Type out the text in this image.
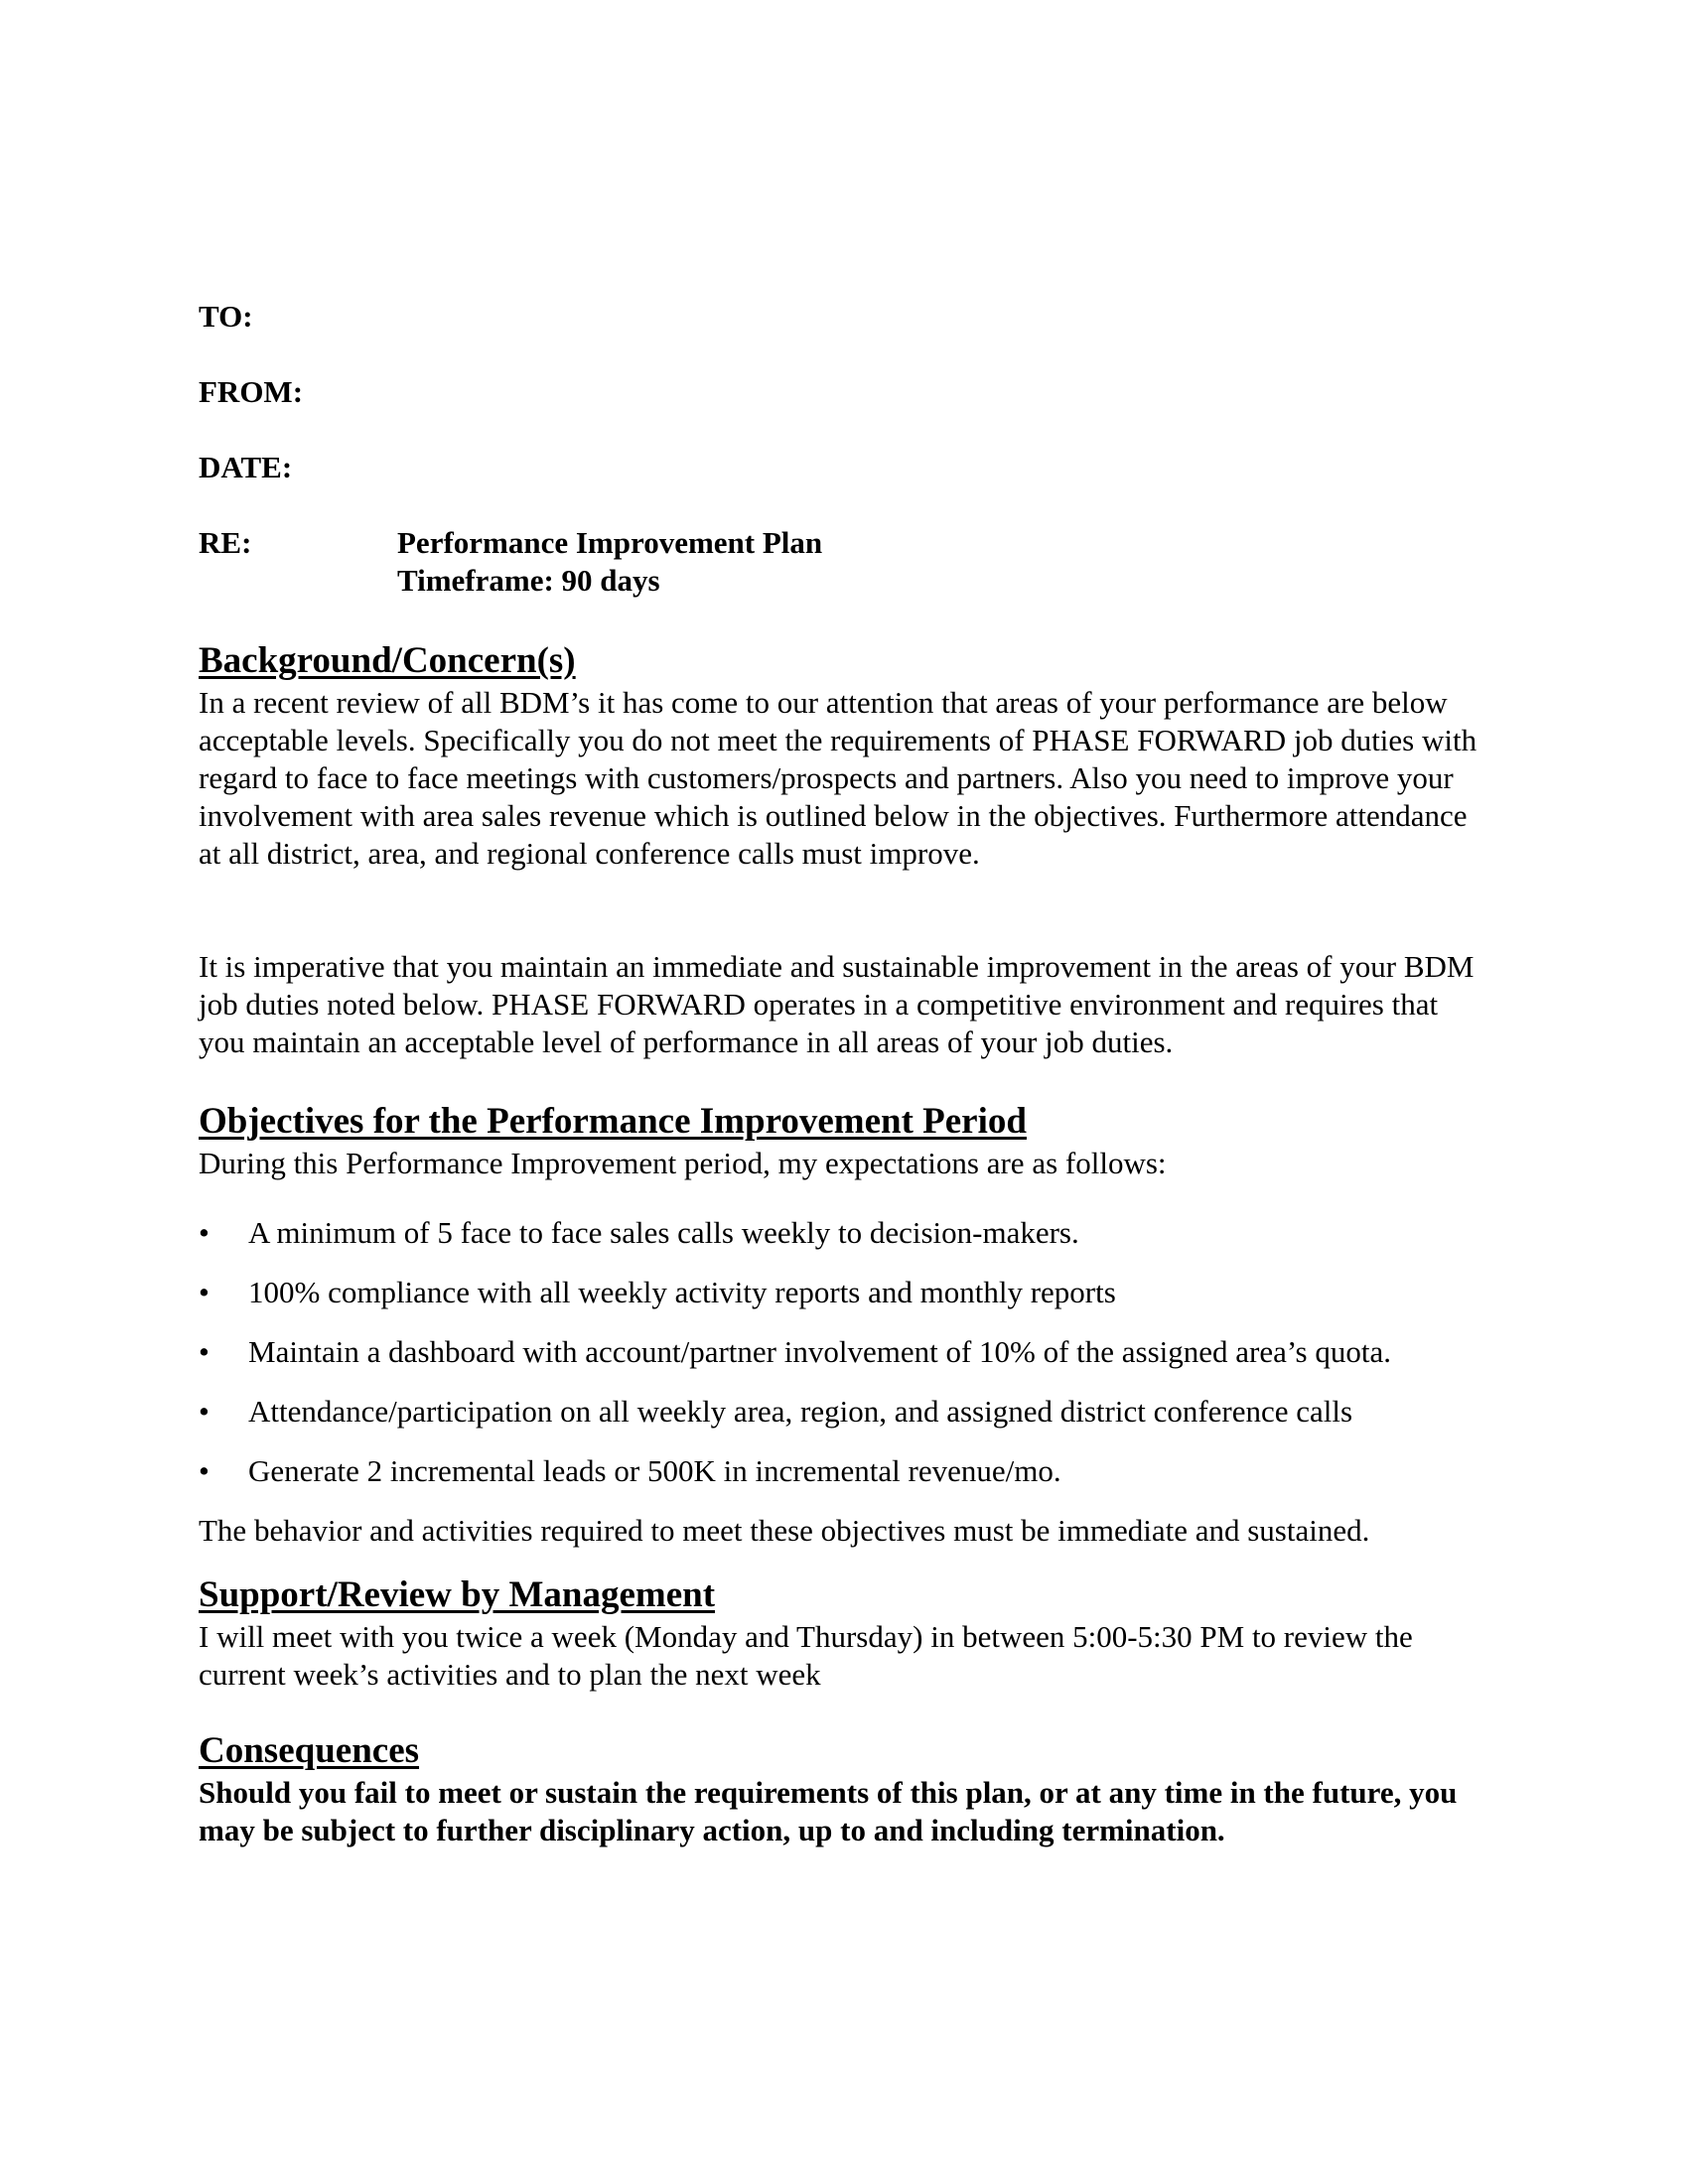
TO:
FROM:
DATE:
RE:	Performance Improvement Plan
Timeframe: 90 days
Background/Concern(s)
In a recent review of all BDM’s it has come to our attention that areas of your performance are below acceptable levels. Specifically you do not meet the requirements of PHASE FORWARD job duties with regard to face to face meetings with customers/prospects and partners. Also you need to improve your involvement with area sales revenue which is outlined below in the objectives. Furthermore attendance at all district, area, and regional conference calls must improve.
It is imperative that you maintain an immediate and sustainable improvement in the areas of your BDM job duties noted below. PHASE FORWARD operates in a competitive environment and requires that you maintain an acceptable level of performance in all areas of your job duties.
Objectives for the Performance Improvement Period
During this Performance Improvement period, my expectations are as follows:
• A minimum of 5 face to face sales calls weekly to decision-makers.
• 100% compliance with all weekly activity reports and monthly reports
• Maintain a dashboard with account/partner involvement of 10% of the assigned area’s quota.
• Attendance/participation on all weekly area, region, and assigned district conference calls
• Generate 2 incremental leads or 500K in incremental revenue/mo.
The behavior and activities required to meet these objectives must be immediate and sustained.
Support/Review by Management
I will meet with you twice a week (Monday and Thursday) in between 5:00-5:30 PM to review the current week’s activities and to plan the next week
Consequences
Should you fail to meet or sustain the requirements of this plan, or at any time in the future, you may be subject to further disciplinary action, up to and including termination.
